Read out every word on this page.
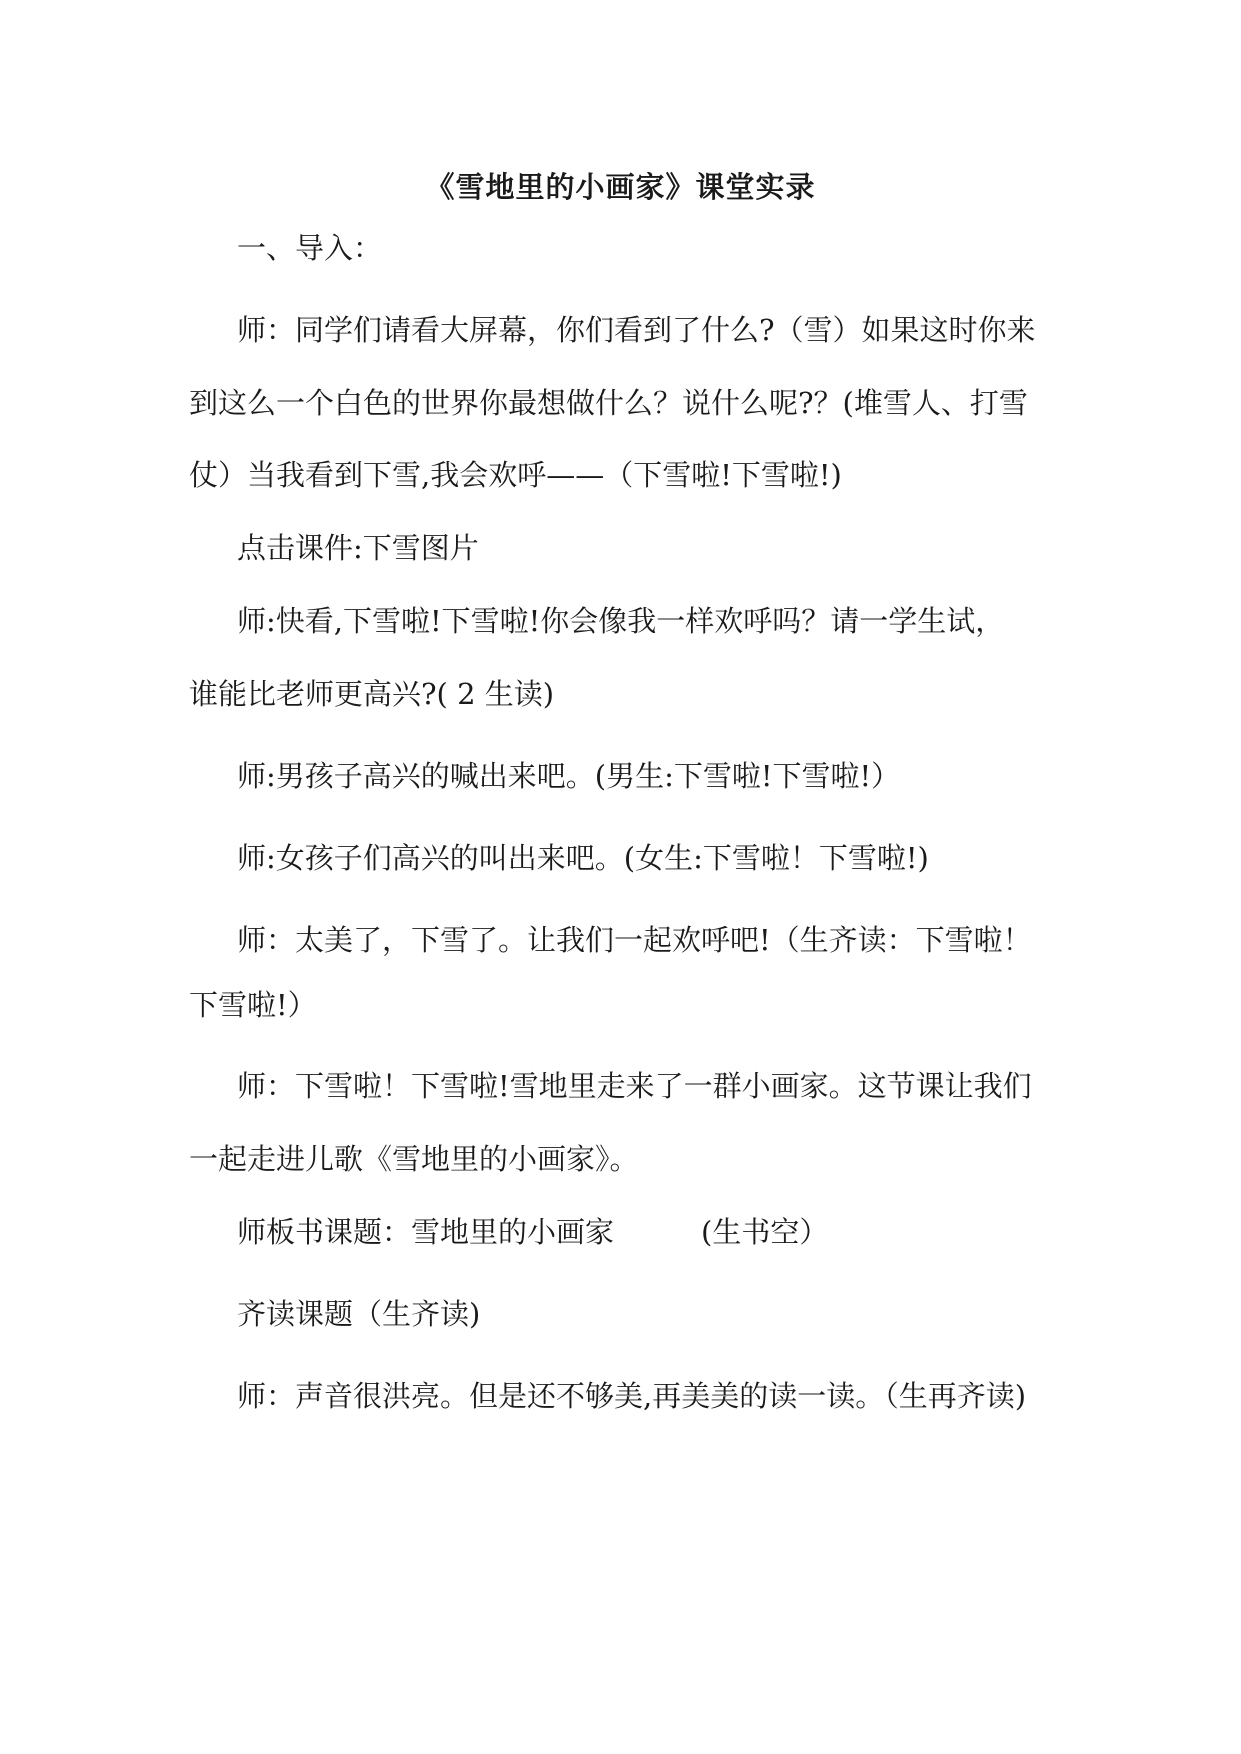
《雪地里的小画家》课堂实录
一、导入：
师：同学们请看大屏幕，你们看到了什么?（雪）如果这时你来
到这么一个白色的世界你最想做什么？说什么呢?？(堆雪人、打雪
仗）当我看到下雪,我会欢呼——（下雪啦!下雪啦!)
点击课件:下雪图片
师:快看,下雪啦!下雪啦!你会像我一样欢呼吗？请一学生试，
谁能比老师更高兴?( 2 生读)
师:男孩子高兴的喊出来吧。(男生:下雪啦!下雪啦!）
师:女孩子们高兴的叫出来吧。(女生:下雪啦！下雪啦!)
师：太美了，下雪了。让我们一起欢呼吧!（生齐读：下雪啦！
下雪啦!）
师：下雪啦！下雪啦!雪地里走来了一群小画家。这节课让我们
一起走进儿歌《雪地里的小画家》。
师板书课题：雪地里的小画家　　　(生书空）
齐读课题（生齐读)
师：声音很洪亮。但是还不够美,再美美的读一读。（生再齐读)
